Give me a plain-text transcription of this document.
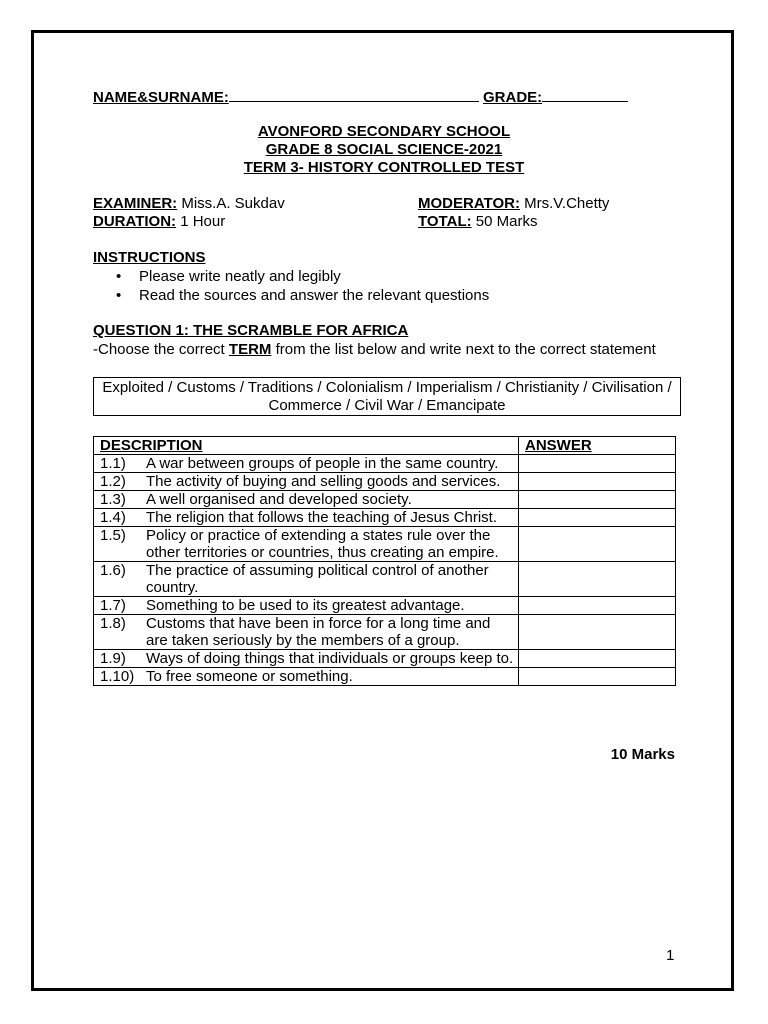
NAME&SURNAME:	GRADE:
AVONFORD SECONDARY SCHOOL
GRADE 8 SOCIAL SCIENCE-2021
TERM 3- HISTORY CONTROLLED TEST
EXAMINER: Miss.A. Sukdav	MODERATOR: Mrs.V.Chetty
DURATION: 1 Hour	TOTAL: 50 Marks
INSTRUCTIONS
• Please write neatly and legibly
• Read the sources and answer the relevant questions
QUESTION 1: THE SCRAMBLE FOR AFRICA
-Choose the correct TERM from the list below and write next to the correct statement
Exploited / Customs / Traditions / Colonialism / Imperialism / Christianity / Civilisation / Commerce / Civil War / Emancipate
DESCRIPTION	ANSWER
1.1) A war between groups of people in the same country.	
1.2) The activity of buying and selling goods and services.	
1.3) A well organised and developed society.	
1.4) The religion that follows the teaching of Jesus Christ.	
1.5) Policy or practice of extending a states rule over the other territories or countries, thus creating an empire.	
1.6) The practice of assuming political control of another country.	
1.7) Something to be used to its greatest advantage.	
1.8) Customs that have been in force for a long time and are taken seriously by the members of a group.	
1.9) Ways of doing things that individuals or groups keep to.	
1.10) To free someone or something.	
10 Marks
1
